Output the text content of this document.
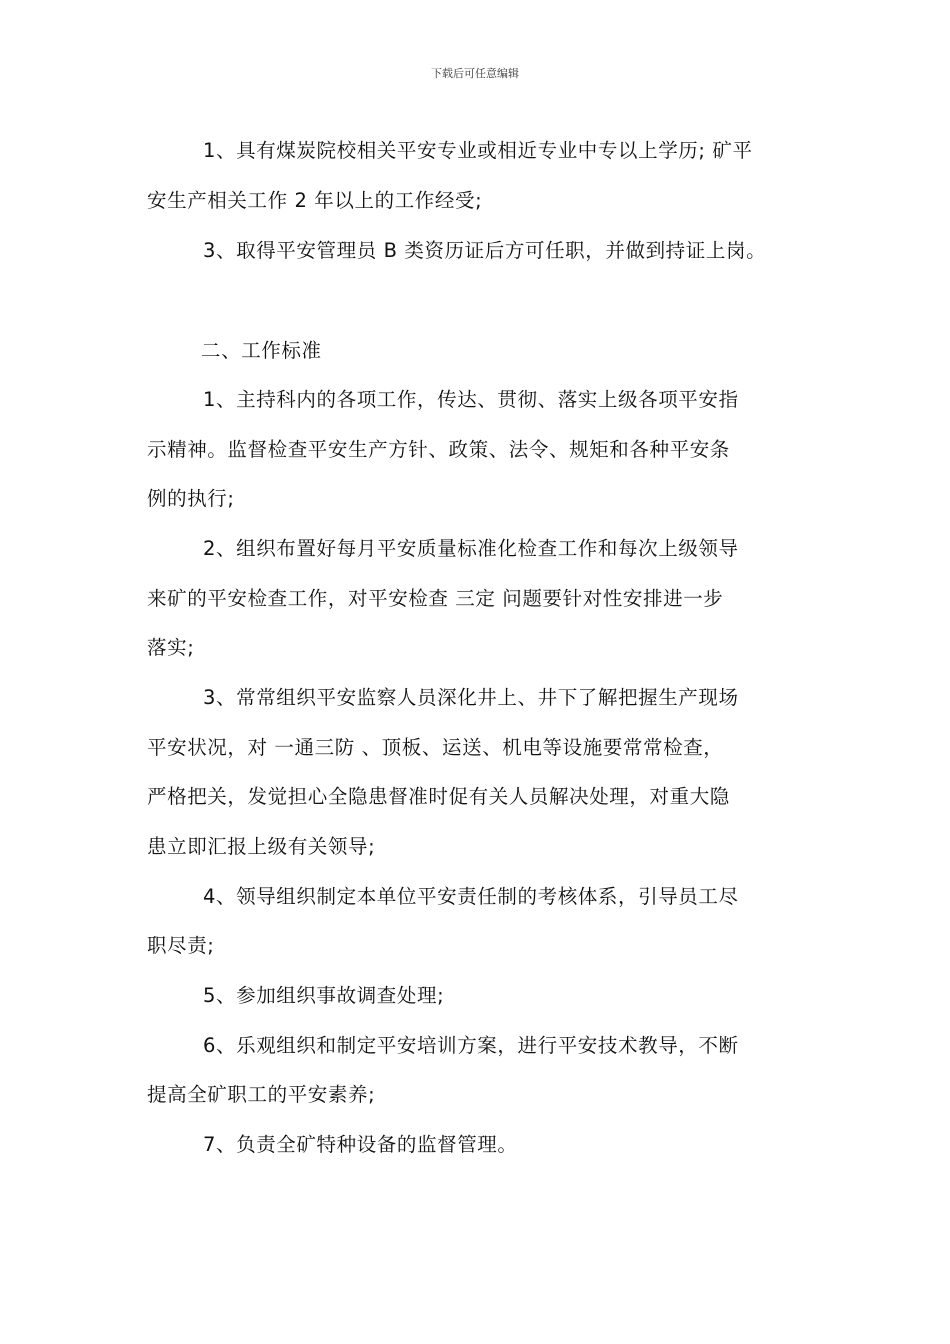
下载后可任意编辑
1、具有煤炭院校相关平安专业或相近专业中专以上学历; 矿平
安生产相关工作 2 年以上的工作经受;
3、取得平安管理员 B 类资历证后方可任职，并做到持证上岗。
二、工作标准
1、主持科内的各项工作，传达、贯彻、落实上级各项平安指
示精神。监督检查平安生产方针、政策、法令、规矩和各种平安条
例的执行;
2、组织布置好每月平安质量标准化检查工作和每次上级领导
来矿的平安检查工作，对平安检查 三定 问题要针对性安排进一步
落实;
3、常常组织平安监察人员深化井上、井下了解把握生产现场
平安状况，对 一通三防 、顶板、运送、机电等设施要常常检查，
严格把关，发觉担心全隐患督准时促有关人员解决处理，对重大隐
患立即汇报上级有关领导;
4、领导组织制定本单位平安责任制的考核体系，引导员工尽
职尽责;
5、参加组织事故调查处理;
6、乐观组织和制定平安培训方案，进行平安技术教导，不断
提高全矿职工的平安素养;
7、负责全矿特种设备的监督管理。
